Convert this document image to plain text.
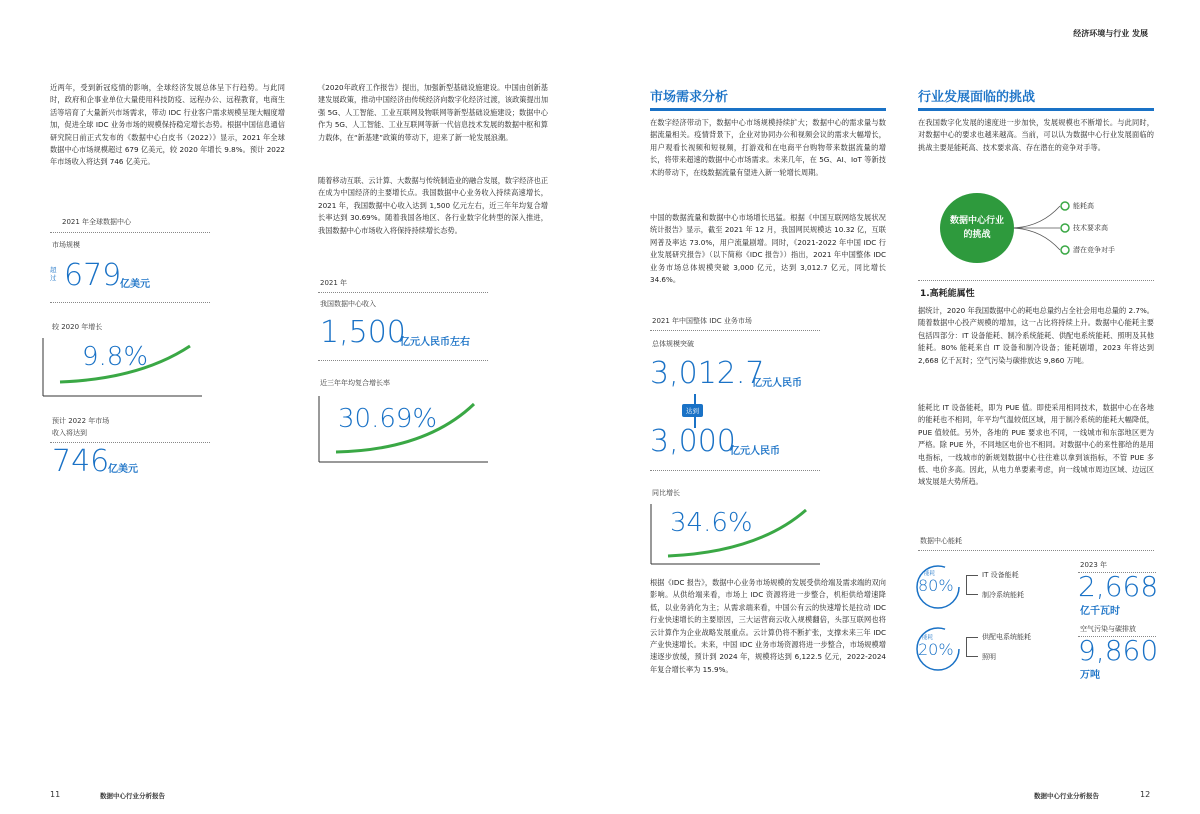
经济环境与行业 发展
近两年，受到新冠疫情的影响，全球经济发展总体呈下行趋势。与此同时，政府和企事业单位大量使用科技防疫、远程办公、远程教育，电商生活等培育了大量新兴市场需求，带动 IDC 行业客户需求规模呈现大幅度增加，促进全球 IDC 业务市场的规模保持稳定增长态势。根据中国信息通信研究院日前正式发布的《数据中心白皮书（2022）》显示，2021 年全球数据中心市场规模超过 679 亿美元，较 2020 年增长 9.8%。预计 2022 年市场收入将达到 746 亿美元。
2021 年全球数据中心
市场规模
超过 679
亿美元
较 2020 年增长
9.8%
预计 2022 年市场
收入将达到
746
亿美元
《2020年政府工作报告》提出，加强新型基础设施建设。中国由创新基建发展政策，推动中国经济由传统经济向数字化经济过渡，该政策提出加强 5G、人工智能、工业互联网及物联网等新型基础设施建设；数据中心作为 5G、人工智能、工业互联网等新一代信息技术发展的数据中枢和算力载体，在“新基建”政策的带动下，迎来了新一轮发展浪潮。
随着移动互联、云计算、大数据与传统制造业的融合发展，数字经济也正在成为中国经济的主要增长点。我国数据中心业务收入持续高速增长，2021 年，我国数据中心收入达到 1,500 亿元左右，近三年年均复合增长率达到 30.69%。随着我国各地区、各行业数字化转型的深入推进，我国数据中心市场收入将保持持续增长态势。
2021 年
我国数据中心收入
1,500
亿元人民币左右
近三年年均复合增长率
30.69%
11	数据中心行业分析报告
市场需求分析
在数字经济带动下，数据中心市场规模持续扩大；数据中心的需求量与数据流量相关。疫情背景下，企业对协同办公和视频会议的需求大幅增长，用户观看长视频和短视频，打游戏和在电商平台购物带来数据流量的增长，将带来超速的数据中心市场需求。未来几年，在 5G、AI、IoT 等新技术的带动下，在线数据流量有望进入新一轮增长周期。
中国的数据流量和数据中心市场增长迅猛。根据《中国互联网络发展状况统计报告》显示，截至 2021 年 12 月，我国网民规模达 10.32 亿，互联网普及率达 73.0%，用户流量剧增。同时，《2021-2022 年中国 IDC 行业发展研究报告》（以下简称《IDC 报告》）指出，2021 年中国整体 IDC 业务市场总体规模突破 3,000 亿元，达到 3,012.7 亿元，同比增长 34.6%。
2021 年中国整体 IDC 业务市场
总体规模突破
3,012.7
亿元人民币
达到
3,000
亿元人民币
同比增长
34.6%
根据《IDC 报告》，数据中心业务市场规模的发展受供给端及需求端的双向影响。从供给端来看，市场上 IDC 资源将进一步整合，机柜供给增速降低，以业务消化为主；从需求端来看，中国公有云的快速增长是拉动 IDC 行业快速增长的主要原因，三大运营商云收入规模翻倍，头部互联网也将云计算作为企业战略发展重点。云计算仍将不断扩张，支撑未来三年 IDC 产业快速增长。未来，中国 IDC 业务市场资源将进一步整合，市场规模增速逐步放缓，预计到 2024 年，规模将达到 6,122.5 亿元，2022-2024 年复合增长率为 15.9%。
行业发展面临的挑战
在我国数字化发展的速度进一步加快，发展规模也不断增长。与此同时，对数据中心的要求也越来越高。当前，可以认为数据中心行业发展面临的挑战主要是能耗高、技术要求高、存在潜在的竞争对手等。
数据中心行业的挑战
能耗高
技术要求高
潜在竞争对手
1.高耗能属性
据统计，2020 年我国数据中心的耗电总量约占全社会用电总量的 2.7%。随着数据中心投产规模的增加，这一占比将持续上升。数据中心能耗主要包括四部分：IT 设备能耗、制冷系统能耗、供配电系统能耗、照明及其他能耗。80% 能耗来自 IT 设备和制冷设备；能耗剧增，2023 年将达到 2,668 亿千瓦时；空气污染与碳排放达 9,860 万吨。
能耗比 IT 设备能耗，即为 PUE 值。即使采用相同技术，数据中心在各地的能耗也不相同，年平均气温较低区域，用于制冷系统的能耗大幅降低，PUE 值较低。另外，各地的 PUE 要求也不同，一线城市和东部地区更为严格。除 PUE 外，不同地区电价也不相同。对数据中心的来性都给的是用电指标，一线城市的新规划数据中心往往难以拿到该指标，不管 PUE 多低、电价多高。因此，从电力单要素考虑，向一线城市周边区域、边远区域发展是大势所趋。
数据中心能耗
能耗
80%
IT 设备能耗
制冷系统能耗
能耗
20%
供配电系统能耗
照明
2023 年
2,668
亿千瓦时
空气污染与碳排放
9,860
万吨
数据中心行业分析报告	12
